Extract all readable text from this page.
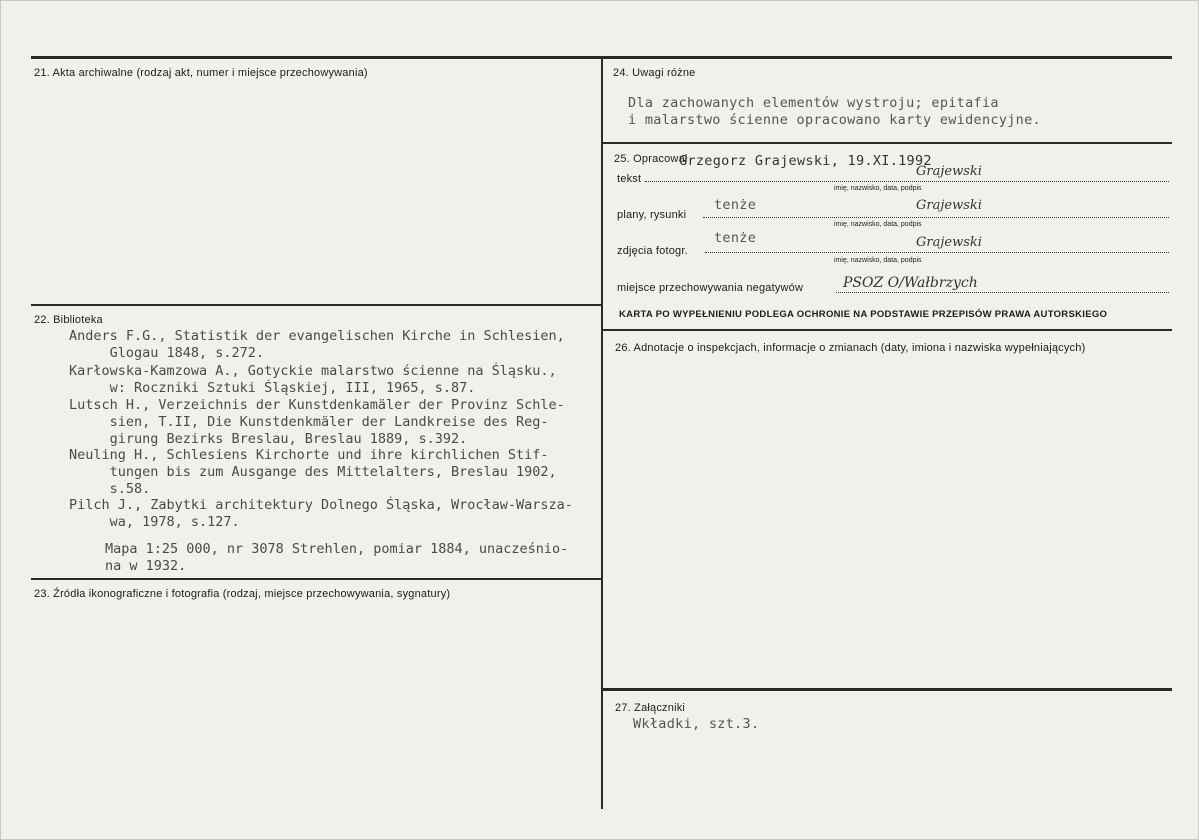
21. Akta archiwalne (rodzaj akt, numer i miejsce przechowywania)
22. Biblioteka
Anders F.G., Statistik der evangelischen Kirche in Schlesien,
Glogau 1848, s.272.
Karłowska-Kamzowa A., Gotyckie malarstwo ścienne na Śląsku.,
w: Roczniki Sztuki Śląskiej, III, 1965, s.87.
Lutsch H., Verzeichnis der Kunstdenkamäler der Provinz Schle-
sien, T.II, Die Kunstdenkmäler der Landkreise des Reg-
girung Bezirks Breslau, Breslau 1889, s.392.
Neuling H., Schlesiens Kirchorte und ihre kirchlichen Stif-
tungen bis zum Ausgange des Mittelalters, Breslau 1902,
s.58.
Pilch J., Zabytki architektury Dolnego Śląska, Wrocław-Warsza-
wa, 1978, s.127.
Mapa 1:25 000, nr 3078 Strehlen, pomiar 1884, unacześnio-
na w 1932.
23. Źródła ikonograficzne i fotografia (rodzaj, miejsce przechowywania, sygnatury)
24. Uwagi różne
Dla zachowanych elementów wystroju; epitafia
i malarstwo ścienne opracowano karty ewidencyjne.
25. Opracował
Grzegorz Grajewski, 19.XI.1992
tekst	Grajewski
imię, nazwisko, data, podpis
tenże
plany, rysunki
Grajewski
imię, nazwisko, data, podpis
tenże
zdjęcia fotogr.
Grajewski
imię, nazwisko, data, podpis
miejsce przechowywania negatywów	PSOZ O/Wałbrzych
KARTA PO WYPEŁNIENIU PODLEGA OCHRONIE NA PODSTAWIE PRZEPISÓW PRAWA AUTORSKIEGO
26. Adnotacje o inspekcjach, informacje o zmianach (daty, imiona i nazwiska wypełniających)
27. Załączniki
Wkładki, szt.3.
